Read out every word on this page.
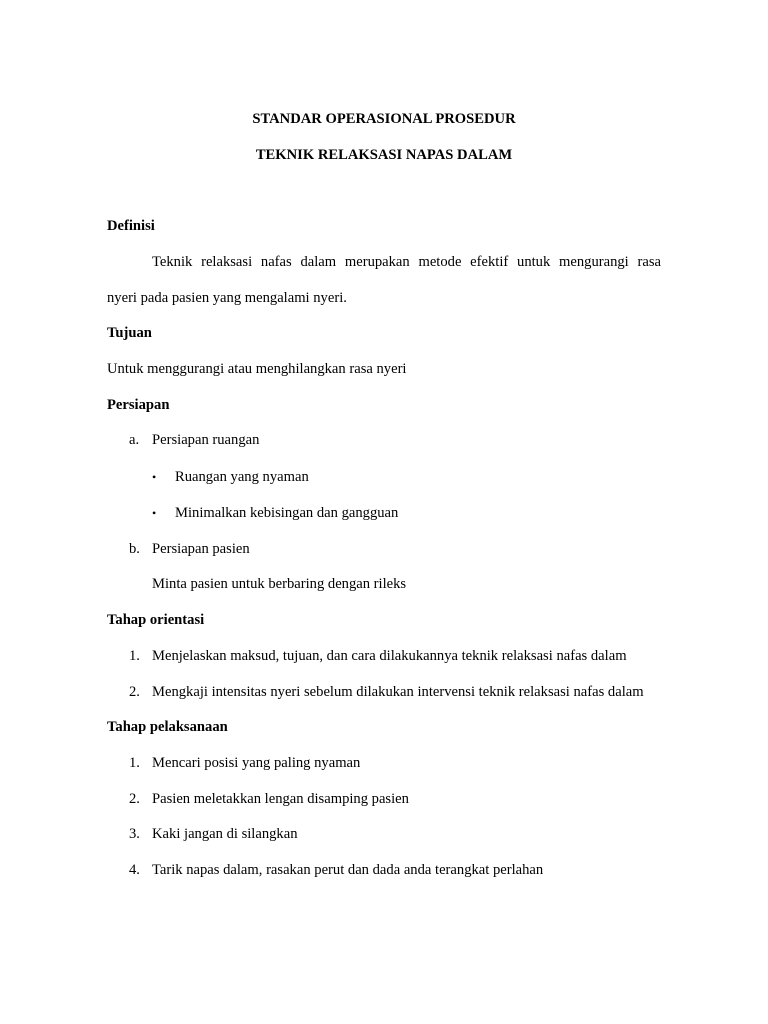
STANDAR OPERASIONAL PROSEDUR
TEKNIK RELAKSASI NAPAS DALAM
Definisi
Teknik relaksasi nafas dalam merupakan metode efektif untuk mengurangi rasa
nyeri pada pasien yang mengalami nyeri.
Tujuan
Untuk menggurangi atau menghilangkan rasa nyeri
Persiapan
a. Persiapan ruangan
• Ruangan yang nyaman
• Minimalkan kebisingan dan gangguan
b. Persiapan pasien
Minta pasien untuk berbaring dengan rileks
Tahap orientasi
1. Menjelaskan maksud, tujuan, dan cara dilakukannya teknik relaksasi nafas dalam
2. Mengkaji intensitas nyeri sebelum dilakukan intervensi teknik relaksasi nafas dalam
Tahap pelaksanaan
1. Mencari posisi yang paling nyaman
2. Pasien meletakkan lengan disamping pasien
3. Kaki jangan di silangkan
4. Tarik napas dalam, rasakan perut dan dada anda terangkat perlahan
